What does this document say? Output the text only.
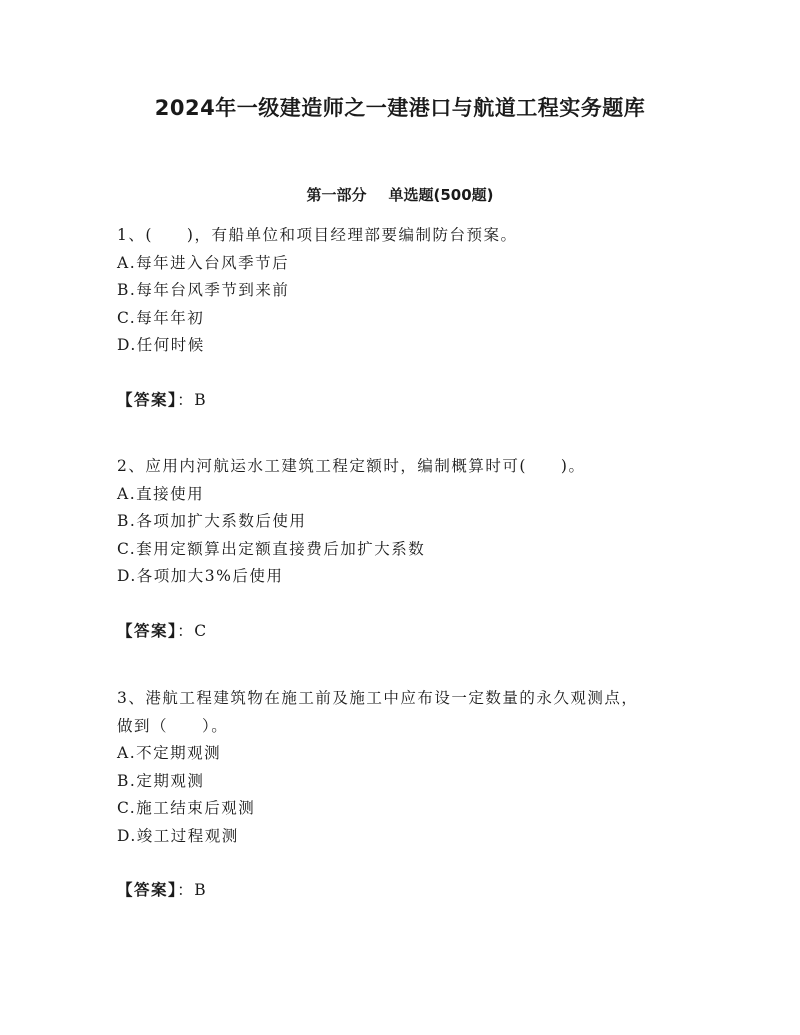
2024年一级建造师之一建港口与航道工程实务题库
第一部分 单选题(500题)
1、(　　)，有船单位和项目经理部要编制防台预案。
A.每年进入台风季节后
B.每年台风季节到来前
C.每年年初
D.任何时候
【答案】：B
2、应用内河航运水工建筑工程定额时，编制概算时可(　　)。
A.直接使用
B.各项加扩大系数后使用
C.套用定额算出定额直接费后加扩大系数
D.各项加大3%后使用
【答案】：C
3、港航工程建筑物在施工前及施工中应布设一定数量的永久观测点，
做到（　　）。
A.不定期观测
B.定期观测
C.施工结束后观测
D.竣工过程观测
【答案】：B
